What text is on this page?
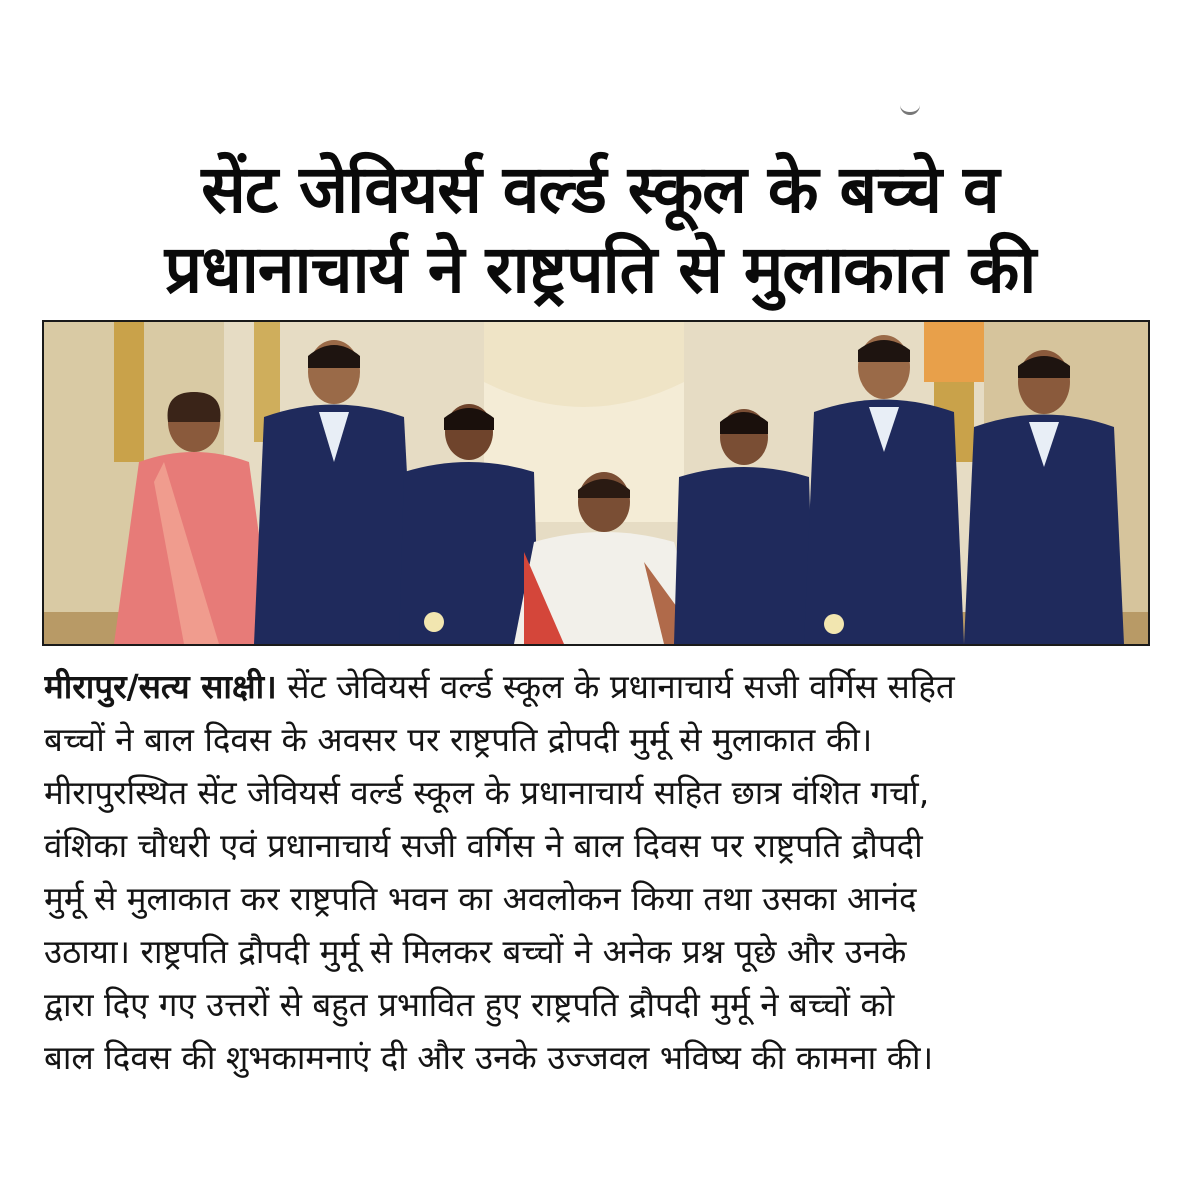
सेंट जेवियर्स वर्ल्ड स्कूल के बच्चे व
प्रधानाचार्य ने राष्ट्रपति से मुलाकात की
मीरापुर/सत्य साक्षी। सेंट जेवियर्स वर्ल्ड स्कूल के प्रधानाचार्य सजी वर्गिस सहित
बच्चों ने बाल दिवस के अवसर पर राष्ट्रपति द्रोपदी मुर्मू से मुलाकात की।
मीरापुरस्थित सेंट जेवियर्स वर्ल्ड स्कूल के प्रधानाचार्य सहित छात्र वंशित गर्चा,
वंशिका चौधरी एवं प्रधानाचार्य सजी वर्गिस ने बाल दिवस पर राष्ट्रपति द्रौपदी
मुर्मू से मुलाकात कर राष्ट्रपति भवन का अवलोकन किया तथा उसका आनंद
उठाया। राष्ट्रपति द्रौपदी मुर्मू से मिलकर बच्चों ने अनेक प्रश्न पूछे और उनके
द्वारा दिए गए उत्तरों से बहुत प्रभावित हुए राष्ट्रपति द्रौपदी मुर्मू ने बच्चों को
बाल दिवस की शुभकामनाएं दी और उनके उज्जवल भविष्य की कामना की।
